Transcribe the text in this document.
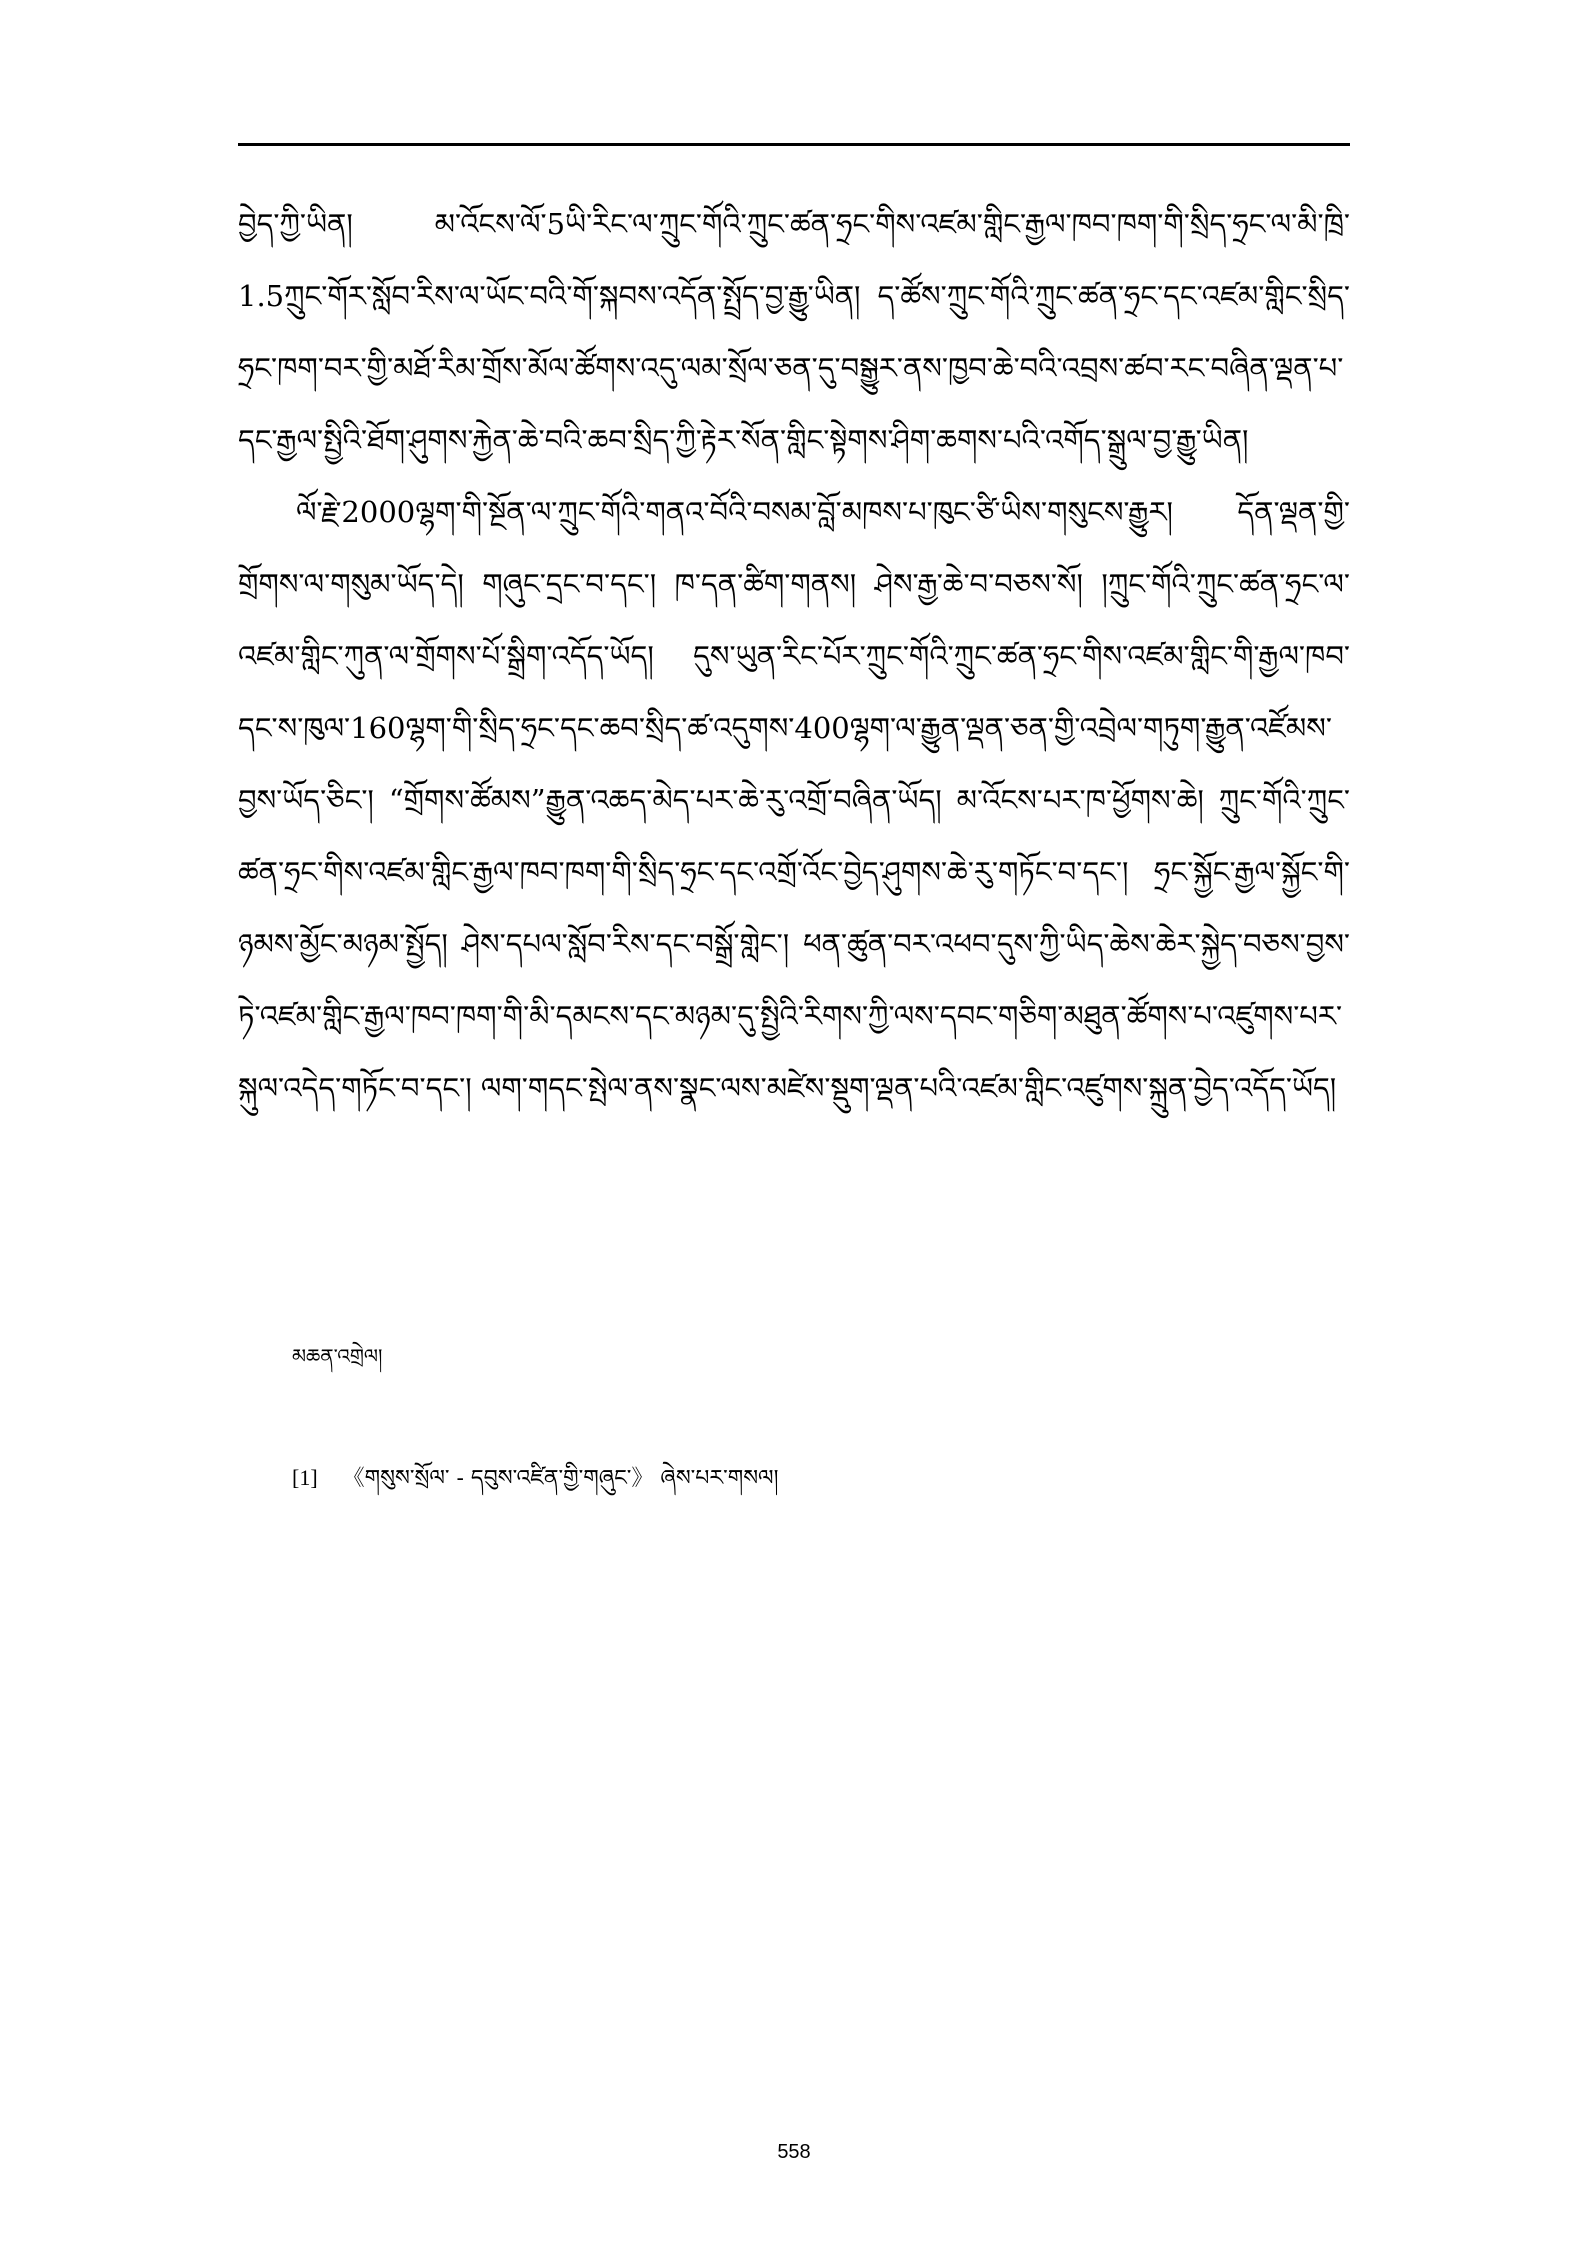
བྱེད་ཀྱི་ཡིན། མ་འོངས་ལོ་5ཡི་རིང་ལ་ཀྲུང་གོའི་ཀྲུང་ཚན་ཧྲང་གིས་འཛམ་གླིང་རྒྱལ་ཁབ་ཁག་གི་སྲིད་ཧྲང་ལ་མི་ཁྲི་1.5ཀྲུང་གོར་སློབ་རིས་ལ་ཡོང་བའི་གོ་སྐབས་འདོན་སྤྲོད་བྱ་རྒྱུ་ཡིན། ད་ཚོས་ཀྲུང་གོའི་ཀྲུང་ཚན་ཧྲང་དང་འཛམ་གླིང་སྲིད་ཧྲང་ཁག་བར་གྱི་མཐོ་རིམ་གྲོས་མོལ་ཚོགས་འདུ་ལམ་སྲོལ་ཅན་དུ་བསྒྱུར་ནས་ཁྱབ་ཆེ་བའི་འབྲས་ཚབ་རང་བཞིན་ལྡན་པ་དང་རྒྱལ་སྤྱིའི་ཐོག་ཤུགས་རྐྱེན་ཆེ་བའི་ཆབ་སྲིད་ཀྱི་རྟེར་སོན་གླིང་སྟེགས་ཤིག་ཆགས་པའི་འགོད་སྒྲུལ་བྱ་རྒྱུ་ཡིན།

ལོ་རྗེ་2000ལྷག་གི་སྔོན་ལ་ཀྲུང་གོའི་གནའ་བོའི་བསམ་བློ་མཁས་པ་ཁུང་ཙི་ཡིས་གསུངས་རྒྱུར། དོན་ལྡན་གྱི་གྲོགས་ལ་གསུམ་ཡོད་དེ། གཞུང་དྲང་བ་དང་། ཁ་དན་ཚིག་གནས། ཤེས་རྒྱ་ཆེ་བ་བཅས་སོ། །ཀྲུང་གོའི་ཀྲུང་ཚན་ཧྲང་ལ་འཛམ་གླིང་ཀུན་ལ་གྲོགས་པོ་སྒྲིག་འདོད་ཡོད། དུས་ཡུན་རིང་པོར་ཀྲུང་གོའི་ཀྲུང་ཚན་ཧྲང་གིས་འཛམ་གླིང་གི་རྒྱལ་ཁབ་དང་ས་ཁུལ་160ལྷག་གི་སྲིད་ཧྲང་དང་ཆབ་སྲིད་ཚ་འདུགས་400ལྷག་ལ་རྒྱུན་ལྡན་ཅན་གྱི་འབྲེལ་གཏུག་རྒྱུན་འཛོམས་བྱས་ཡོད་ཅིང་། “གྲོགས་ཚོམས”རྒྱུན་འཆད་མེད་པར་ཆེ་རུ་འགྲོ་བཞིན་ཡོད། མ་འོངས་པར་ཁ་ཕྱོགས་ཆེ། ཀྲུང་གོའི་ཀྲུང་ཚན་ཧྲང་གིས་འཛམ་གླིང་རྒྱལ་ཁབ་ཁག་གི་སྲིད་ཧྲང་དང་འགྲོ་འོང་བྱེད་ཤུགས་ཆེ་རུ་གཏོང་བ་དང་། ཧྲང་སྐྱོང་རྒྱལ་སྐྱོང་གི་ཉམས་མྱོང་མཉམ་སྤྱོད། ཤེས་དཔལ་སློབ་རིས་དང་བསྒྲོ་གླེང་། ཕན་ཚུན་བར་འཕབ་དུས་ཀྱི་ཡིད་ཆེས་ཆེར་སྐྱེད་བཅས་བྱས་ཏེ་འཛམ་གླིང་རྒྱལ་ཁབ་ཁག་གི་མི་དམངས་དང་མཉམ་དུ་སྤྱིའི་རིགས་ཀྱི་ལས་དབང་གཅིག་མཐུན་ཚོགས་པ་འཛུགས་པར་སྐུལ་འདེད་གཏོང་བ་དང་། ལག་གདང་སྤེལ་ནས་སྣང་ལས་མཛེས་སྡུག་ལྡན་པའི་འཛམ་གླིང་འཛུགས་སྐྲུན་བྱེད་འདོད་ཡོད།

མཆན་འགྲེལ།
[1] 《གསུས་སྲོལ་ - དབུས་འཛིན་གྱི་གཞུང་》 ཞེས་པར་གསལ།
558
